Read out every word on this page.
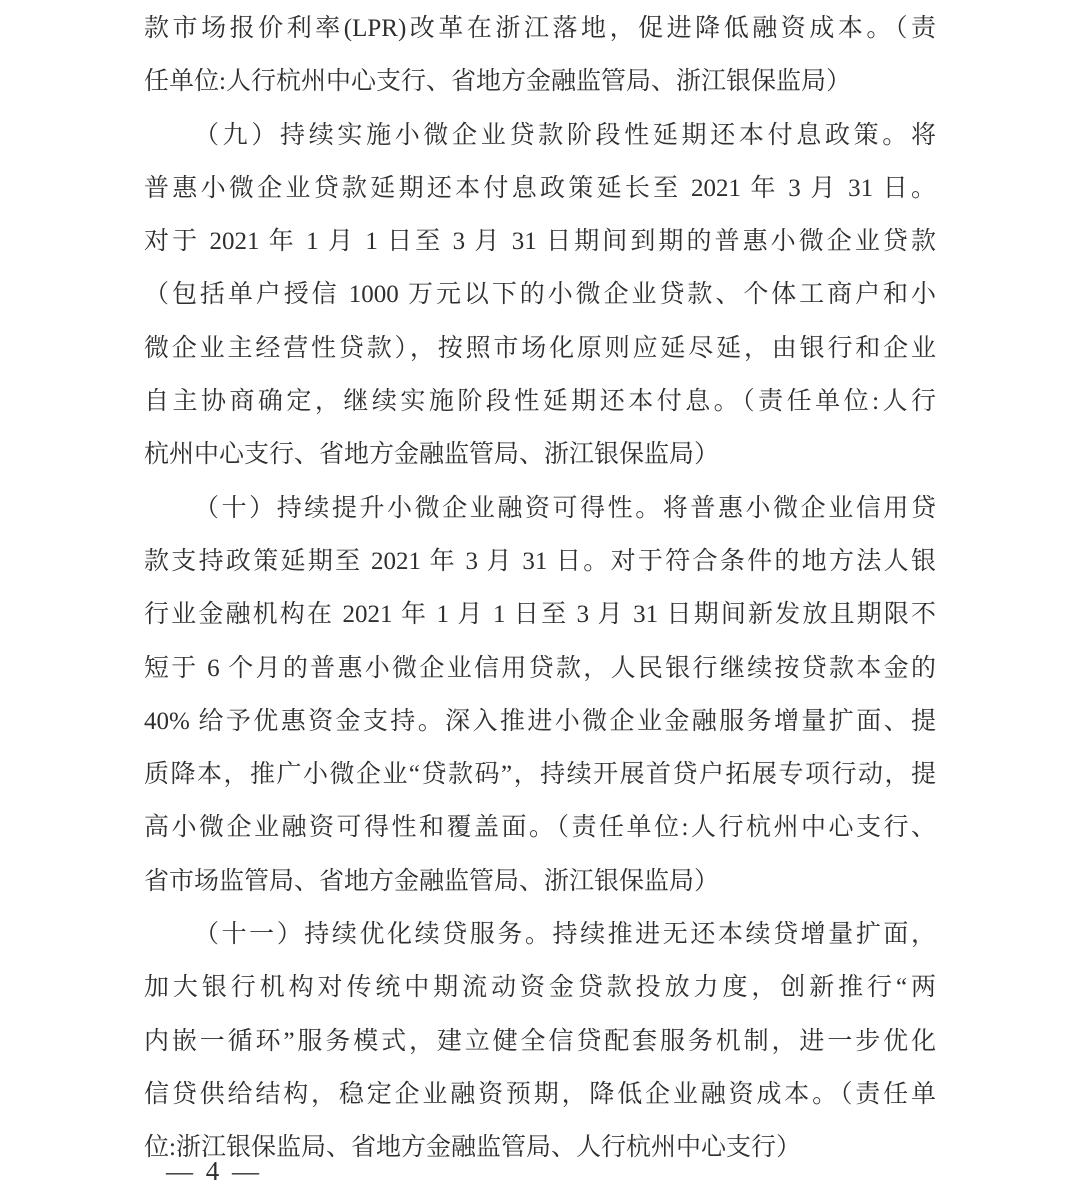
款市场报价利率(LPR)改革在浙江落地，促进降低融资成本。（责
任单位:人行杭州中心支行、省地方金融监管局、浙江银保监局）
（九）持续实施小微企业贷款阶段性延期还本付息政策。将
普惠小微企业贷款延期还本付息政策延长至 2021 年 3 月 31 日。
对于 2021 年 1 月 1 日至 3 月 31 日期间到期的普惠小微企业贷款
（包括单户授信 1000 万元以下的小微企业贷款、个体工商户和小
微企业主经营性贷款），按照市场化原则应延尽延，由银行和企业
自主协商确定，继续实施阶段性延期还本付息。（责任单位:人行
杭州中心支行、省地方金融监管局、浙江银保监局）
（十）持续提升小微企业融资可得性。将普惠小微企业信用贷
款支持政策延期至 2021 年 3 月 31 日。对于符合条件的地方法人银
行业金融机构在 2021 年 1 月 1 日至 3 月 31 日期间新发放且期限不
短于 6 个月的普惠小微企业信用贷款，人民银行继续按贷款本金的
40% 给予优惠资金支持。深入推进小微企业金融服务增量扩面、提
质降本，推广小微企业“贷款码”，持续开展首贷户拓展专项行动，提
高小微企业融资可得性和覆盖面。（责任单位:人行杭州中心支行、
省市场监管局、省地方金融监管局、浙江银保监局）
（十一）持续优化续贷服务。持续推进无还本续贷增量扩面，
加大银行机构对传统中期流动资金贷款投放力度，创新推行“两
内嵌一循环”服务模式，建立健全信贷配套服务机制，进一步优化
信贷供给结构，稳定企业融资预期，降低企业融资成本。（责任单
位:浙江银保监局、省地方金融监管局、人行杭州中心支行）
— 4 —
